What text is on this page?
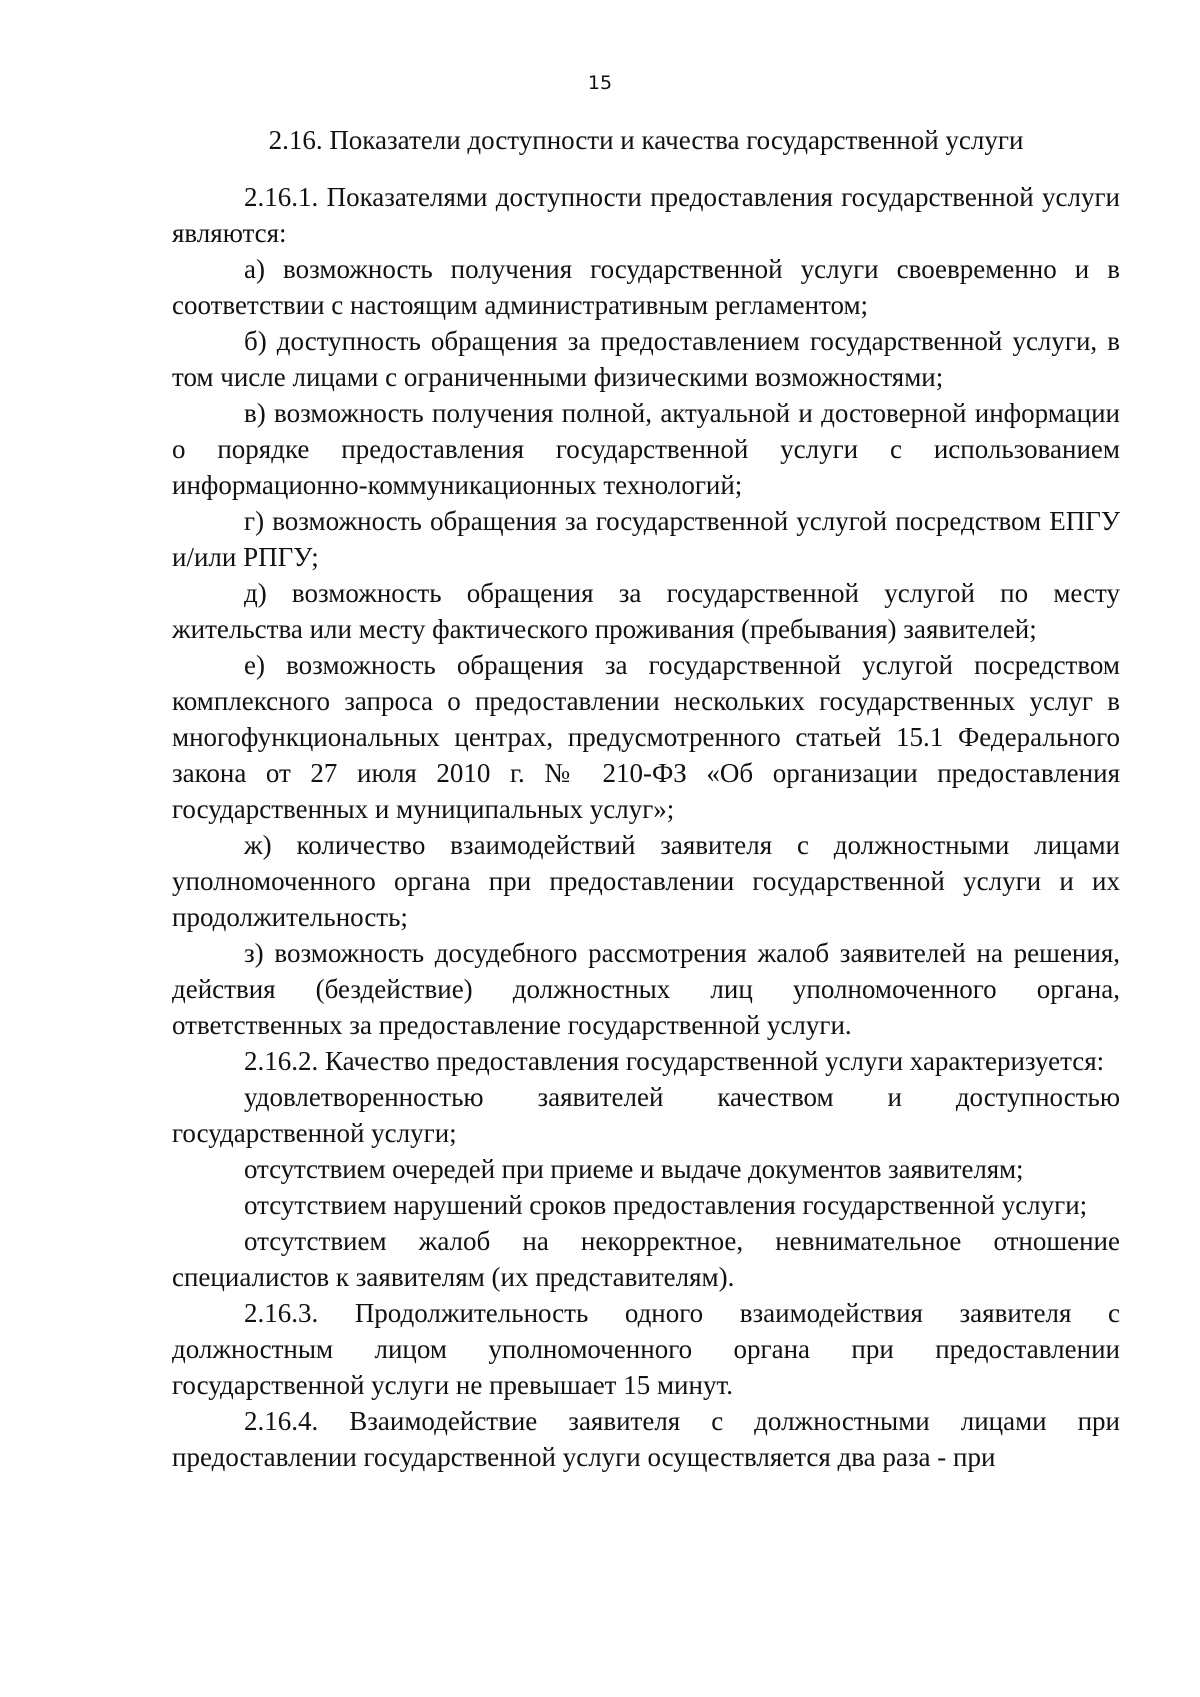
15
2.16. Показатели доступности и качества государственной услуги

2.16.1. Показателями доступности предоставления государственной услуги являются:

а) возможность получения государственной услуги своевременно и в соответствии с настоящим административным регламентом;

б) доступность обращения за предоставлением государственной услуги, в том числе лицами с ограниченными физическими возможностями;

в) возможность получения полной, актуальной и достоверной информации о порядке предоставления государственной услуги с использованием информационно-коммуникационных технологий;

г) возможность обращения за государственной услугой посредством ЕПГУ и/или РПГУ;

д) возможность обращения за государственной услугой по месту жительства или месту фактического проживания (пребывания) заявителей;

е) возможность обращения за государственной услугой посредством комплексного запроса о предоставлении нескольких государственных услуг в многофункциональных центрах, предусмотренного статьей 15.1 Федерального закона от 27 июля 2010 г. № 210-ФЗ «Об организации предоставления государственных и муниципальных услуг»;

ж) количество взаимодействий заявителя с должностными лицами уполномоченного органа при предоставлении государственной услуги и их продолжительность;

з) возможность досудебного рассмотрения жалоб заявителей на решения, действия (бездействие) должностных лиц уполномоченного органа, ответственных за предоставление государственной услуги.

2.16.2. Качество предоставления государственной услуги характеризуется:

удовлетворенностью заявителей качеством и доступностью государственной услуги;

отсутствием очередей при приеме и выдаче документов заявителям;

отсутствием нарушений сроков предоставления государственной услуги;

отсутствием жалоб на некорректное, невнимательное отношение специалистов к заявителям (их представителям).

2.16.3. Продолжительность одного взаимодействия заявителя с должностным лицом уполномоченного органа при предоставлении государственной услуги не превышает 15 минут.

2.16.4. Взаимодействие заявителя с должностными лицами при предоставлении государственной услуги осуществляется два раза - при
